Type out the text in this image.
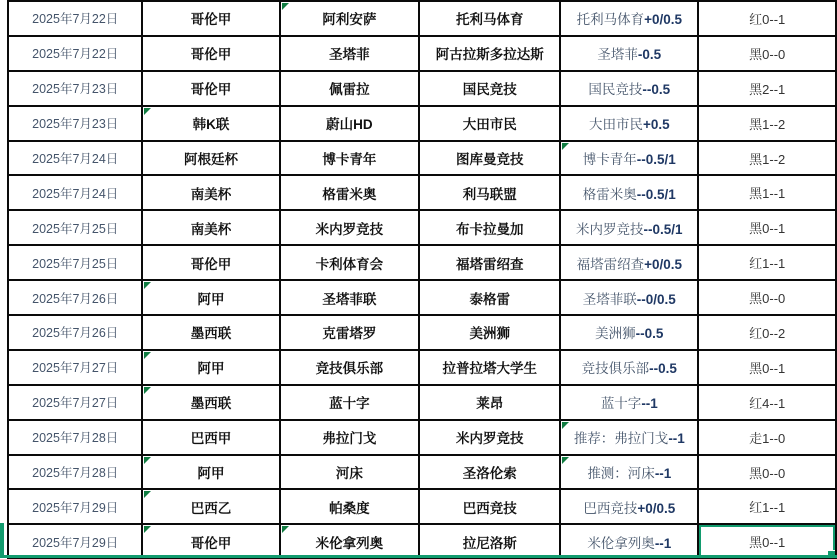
2025年7月22日	哥伦甲	阿利安萨	托利马体育	托利马体育+0/0.5	红0--1
2025年7月22日	哥伦甲	圣塔菲	阿古拉斯多拉达斯	圣塔菲-0.5	黑0--0
2025年7月23日	哥伦甲	佩雷拉	国民竞技	国民竞技--0.5	黑2--1
2025年7月23日	韩K联	蔚山HD	大田市民	大田市民+0.5	黑1--2
2025年7月24日	阿根廷杯	博卡青年	图库曼竞技	博卡青年--0.5/1	黑1--2
2025年7月24日	南美杯	格雷米奥	利马联盟	格雷米奥--0.5/1	黑1--1
2025年7月25日	南美杯	米内罗竞技	布卡拉曼加	米内罗竞技--0.5/1	黑0--1
2025年7月25日	哥伦甲	卡利体育会	福塔雷绍查	福塔雷绍查+0/0.5	红1--1
2025年7月26日	阿甲	圣塔菲联	泰格雷	圣塔菲联--0/0.5	黑0--0
2025年7月26日	墨西联	克雷塔罗	美洲狮	美洲狮--0.5	红0--2
2025年7月27日	阿甲	竞技俱乐部	拉普拉塔大学生	竞技俱乐部--0.5	黑0--1
2025年7月27日	墨西联	蓝十字	莱昂	蓝十字--1	红4--1
2025年7月28日	巴西甲	弗拉门戈	米内罗竞技	推荐：弗拉门戈--1	走1--0
2025年7月28日	阿甲	河床	圣洛伦索	推测：河床--1	黑0--0
2025年7月29日	巴西乙	帕桑度	巴西竞技	巴西竞技+0/0.5	红1--1
2025年7月29日	哥伦甲	米伦拿列奥	拉尼洛斯	米伦拿列奥--1	黑0--1
